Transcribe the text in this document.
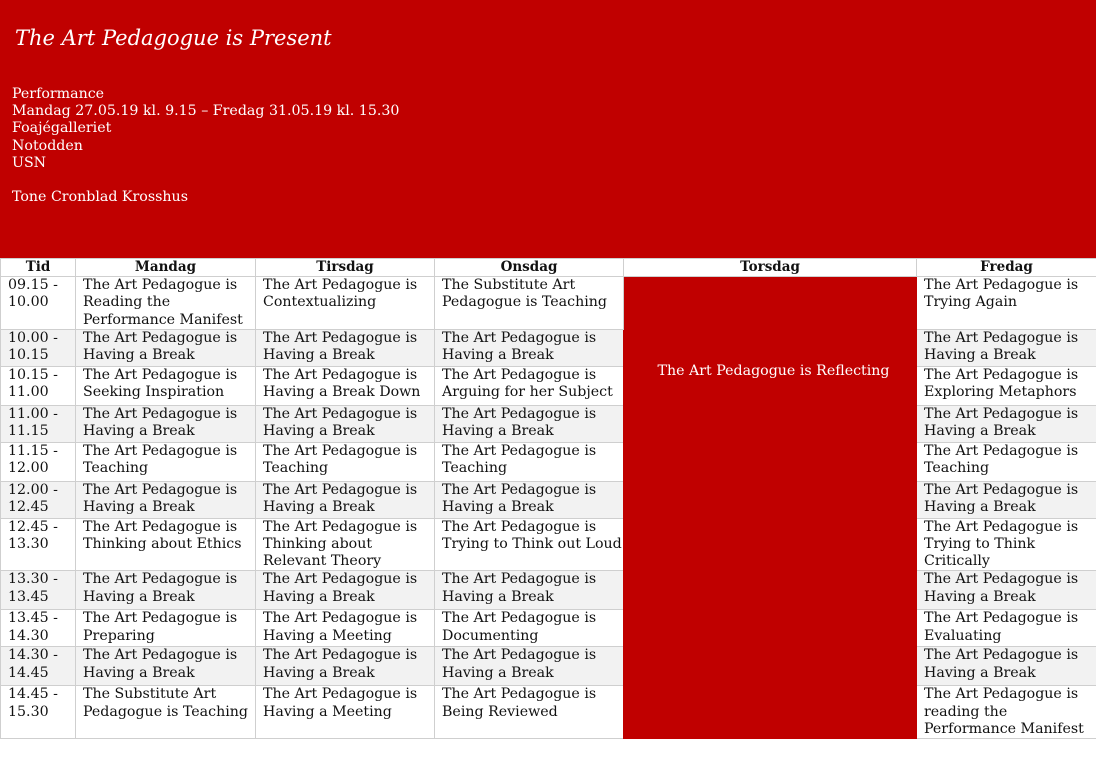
The Art Pedagogue is Present
Performance
Mandag 27.05.19 kl. 9.15 – Fredag 31.05.19 kl. 15.30
Foajégalleriet
Notodden
USN
Tone Cronblad Krosshus
Tid	Mandag	Tirsdag	Onsdag	Torsdag	Fredag
09.15 - 10.00	The Art Pedagogue is Reading the Performance Manifest	The Art Pedagogue is Contextualizing	The Substitute Art Pedagogue is Teaching	The Art Pedagogue is Reflecting	The Art Pedagogue is Trying Again
10.00 - 10.15	The Art Pedagogue is Having a Break	The Art Pedagogue is Having a Break	The Art Pedagogue is Having a Break		The Art Pedagogue is Having a Break
10.15 - 11.00	The Art Pedagogue is Seeking Inspiration	The Art Pedagogue is Having a Break Down	The Art Pedagogue is Arguing for her Subject		The Art Pedagogue is Exploring Metaphors
11.00 - 11.15	The Art Pedagogue is Having a Break	The Art Pedagogue is Having a Break	The Art Pedagogue is Having a Break		The Art Pedagogue is Having a Break
11.15 - 12.00	The Art Pedagogue is Teaching	The Art Pedagogue is Teaching	The Art Pedagogue is Teaching		The Art Pedagogue is Teaching
12.00 - 12.45	The Art Pedagogue is Having a Break	The Art Pedagogue is Having a Break	The Art Pedagogue is Having a Break		The Art Pedagogue is Having a Break
12.45 - 13.30	The Art Pedagogue is Thinking about Ethics	The Art Pedagogue is Thinking about Relevant Theory	The Art Pedagogue is Trying to Think out Loud		The Art Pedagogue is Trying to Think Critically
13.30 - 13.45	The Art Pedagogue is Having a Break	The Art Pedagogue is Having a Break	The Art Pedagogue is Having a Break		The Art Pedagogue is Having a Break
13.45 - 14.30	The Art Pedagogue is Preparing	The Art Pedagogue is Having a Meeting	The Art Pedagogue is Documenting		The Art Pedagogue is Evaluating
14.30 - 14.45	The Art Pedagogue is Having a Break	The Art Pedagogue is Having a Break	The Art Pedagogue is Having a Break		The Art Pedagogue is Having a Break
14.45 - 15.30	The Substitute Art Pedagogue is Teaching	The Art Pedagogue is Having a Meeting	The Art Pedagogue is Being Reviewed		The Art Pedagogue is reading the Performance Manifest
